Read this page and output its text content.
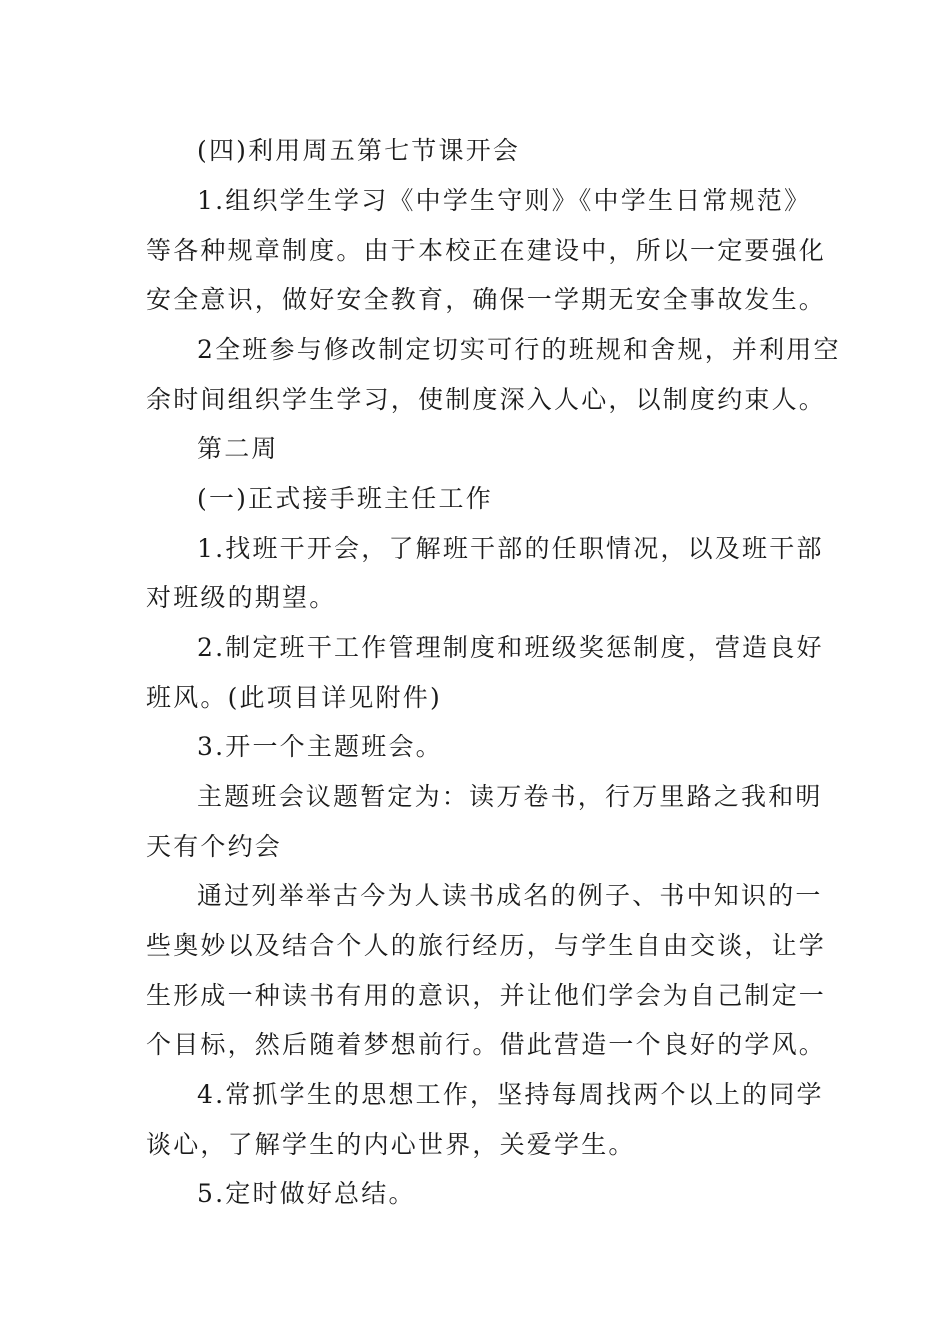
(四)利用周五第七节课开会
1.组织学生学习《中学生守则》《中学生日常规范》
等各种规章制度。由于本校正在建设中，所以一定要强化
安全意识，做好安全教育，确保一学期无安全事故发生。
2全班参与修改制定切实可行的班规和舍规，并利用空
余时间组织学生学习，使制度深入人心，以制度约束人。
第二周
(一)正式接手班主任工作
1.找班干开会，了解班干部的任职情况，以及班干部
对班级的期望。
2.制定班干工作管理制度和班级奖惩制度，营造良好
班风。(此项目详见附件)
3.开一个主题班会。
主题班会议题暂定为：读万卷书，行万里路之我和明
天有个约会
通过列举举古今为人读书成名的例子、书中知识的一
些奥妙以及结合个人的旅行经历，与学生自由交谈，让学
生形成一种读书有用的意识，并让他们学会为自己制定一
个目标，然后随着梦想前行。借此营造一个良好的学风。
4.常抓学生的思想工作，坚持每周找两个以上的同学
谈心，了解学生的内心世界，关爱学生。
5.定时做好总结。
